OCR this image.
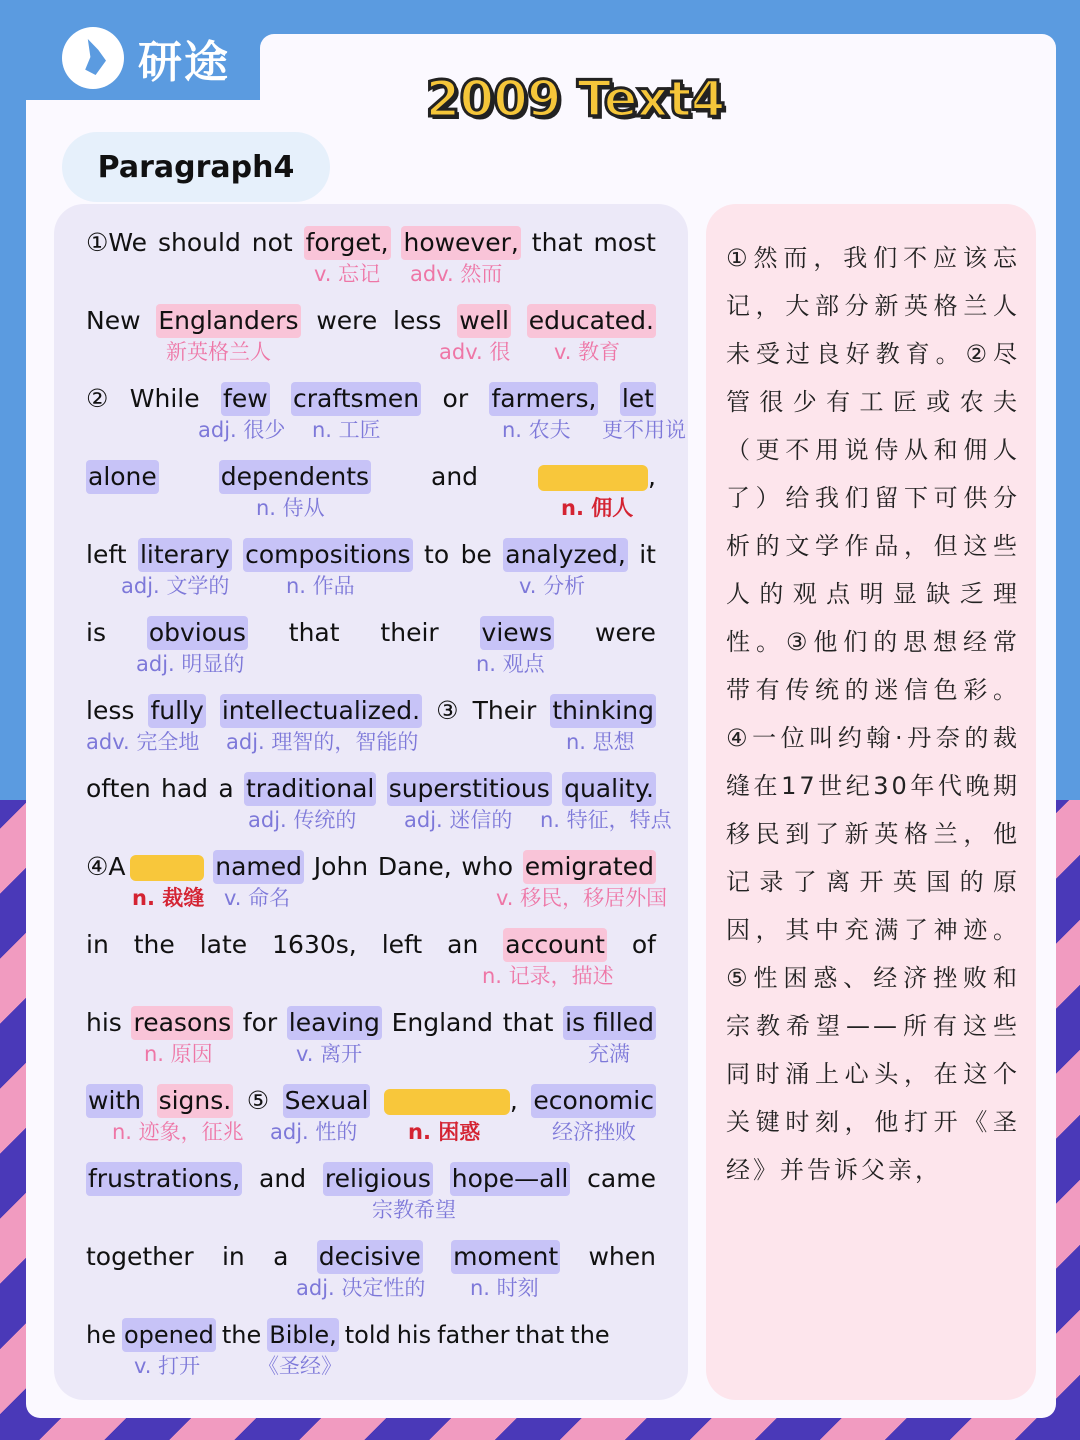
研途
2009 Text4
Paragraph4

①然而，我们不应该忘记，大部分新英格兰人未受过良好教育。②尽管很少有工匠或农夫（更不用说侍从和佣人了）给我们留下可供分析的文学作品，但这些人的观点明显缺乏理性。③他们的思想经常带有传统的迷信色彩。④一位叫约翰·丹奈的裁缝在17世纪30年代晚期移民到了新英格兰，他记录了离开英国的原因，其中充满了神迹。⑤性困惑、经济挫败和宗教希望——所有这些同时涌上心头，在这个关键时刻，他打开《圣经》并告诉父亲，

①We should not forget, however, that most
v. 忘记 adv. 然而
New Englanders were less well educated.
新英格兰人	adv. 很 v. 教育
② While few craftsmen or farmers, let
adj. 很少 n. 工匠	n. 农夫 更不用说
alone	dependents and	,
n. 侍从	n. 佣人
left literary compositions to be analyzed, it
adj. 文学的	n. 作品	v. 分析
is obvious that their views were
adj. 明显的	n. 观点
less fully intellectualized. ③ Their thinking
adv. 完全地 adj. 理智的，智能的	n. 思想
often had a traditional superstitious quality.
adj. 传统的 adj. 迷信的 n. 特征，特点
④A	named John Dane, who emigrated
n. 裁缝 v. 命名	v. 移民，移居外国
in the late 1630s, left an account of
n. 记录，描述
his reasons for leaving England that is filled
n. 原因	v. 离开	充满
with signs. ⑤ Sexual	, economic
n. 迹象，征兆 adj. 性的 n. 困惑	经济挫败
frustrations, and religious hope—all came
宗教希望
together in a decisive moment when
adj. 决定性的 n. 时刻
he opened the Bible, told his father that the
v. 打开	《圣经》
